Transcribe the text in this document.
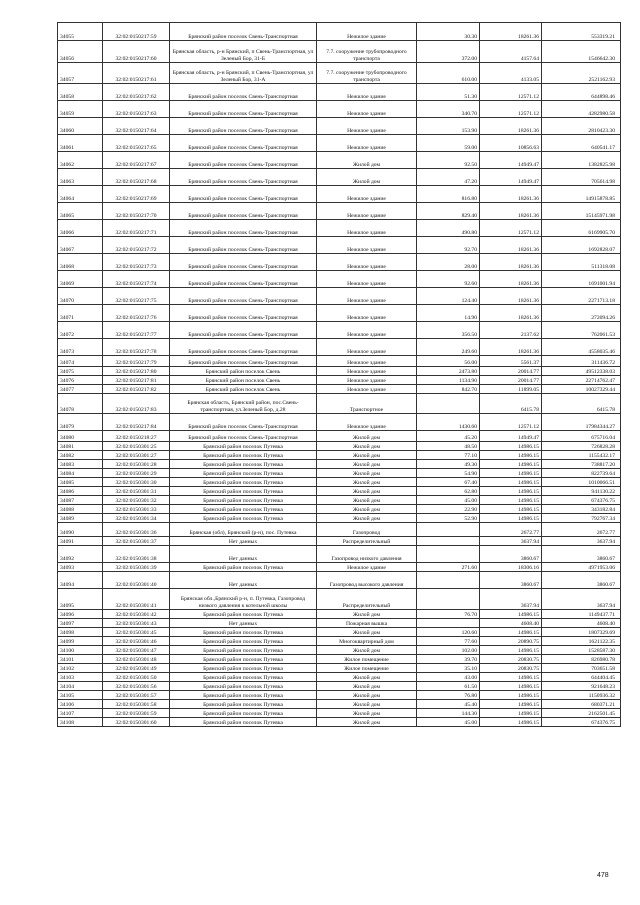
34055	32:02:0150217:59	Брянский район поселок Свень-Транспортная	Нежилое здание	30.30	18261.36	553319.21
34056	32:02:0150217:60	Брянская область, р-н Брянский, п Свень-Транспортная, ул Зеленый Бор, 31-Б	7.7. сооружение трубопроводного транспорта	372.00	4157.64	1546642.30
34057	32:02:0150217:61	Брянская область, р-н Брянский, п Свень-Транспортная, ул Зеленый Бор, 31-А	7.7. сооружение трубопроводного транспорта	610.00	4133.05	2521162.93
34058	32:02:0150217:62	Брянский район поселок Свень-Транспортная	Нежилое здание	51.30	12571.12	644898.46
34059	32:02:0150217:63	Брянский район поселок Свень-Транспортная	Нежилое здание	340.70	12571.12	4282980.58
34060	32:02:0150217:64	Брянский район поселок Свень-Транспортная	Нежилое здание	153.90	18261.36	2810423.30
34061	32:02:0150217:65	Брянский район поселок Свень-Транспортная	Нежилое здание	59.00	10856.63	640541.17
34062	32:02:0150217:67	Брянский район поселок Свень-Транспортная	Жилой дом	92.50	14949.47	1382825.98
34063	32:02:0150217:68	Брянский район поселок Свень-Транспортная	Жилой дом	47.20	14949.47	705614.98
34064	32:02:0150217:69	Брянский район поселок Свень-Транспортная	Нежилое здание	816.80	18261.36	14915878.85
34065	32:02:0150217:70	Брянский район поселок Свень-Транспортная	Нежилое здание	829.40	18261.36	15145971.98
34066	32:02:0150217:71	Брянский район поселок Свень-Транспортная	Нежилое здание	490.80	12571.12	6169905.70
34067	32:02:0150217:72	Брянский район поселок Свень-Транспортная	Нежилое здание	92.70	18261.36	1692828.07
34068	32:02:0150217:73	Брянский район поселок Свень-Транспортная	Нежилое здание	28.00	18261.36	511318.08
34069	32:02:0150217:74	Брянский район поселок Свень-Транспортная	Нежилое здание	92.60	18261.36	1691001.94
34070	32:02:0150217:75	Брянский район поселок Свень-Транспортная	Нежилое здание	124.40	18261.36	2271713.18
34071	32:02:0150217:76	Брянский район поселок Свень-Транспортная	Нежилое здание	14.90	18261.36	272094.26
34072	32:02:0150217:77	Брянский район поселок Свень-Транспортная	Нежилое здание	356.50	2137.62	762061.53
34073	32:02:0150217:78	Брянский район поселок Свень-Транспортная	Нежилое здание	249.60	18261.36	4558035.46
34074	32:02:0150217:79	Брянский район поселок Свень-Транспортная	Нежилое здание	56.00	5561.37	311436.72
34075	32:02:0150217:80	Брянский район поселок Свень	Нежилое здание	2473.80	20014.77	49512338.03
34076	32:02:0150217:81	Брянский район поселок Свень	Нежилое здание	1134.90	20014.77	22714762.47
34077	32:02:0150217:82	Брянский район поселок Свень	Нежилое здание	842.70	11899.05	10027329.44
34078	32:02:0150217:83	Брянская область, Брянский район, пос.Свень-транспортная, ул.Зеленый Бор, д.28	Транспортное		6415.78	6415.78
34079	32:02:0150217:84	Брянский район поселок Свень-Транспортная	Нежилое здание	1430.60	12571.12	17984344.27
34080	32:02:0150218:27	Брянский район поселок Свень-Транспортная	Жилой дом	45.20	14949.47	675716.04
34081	32:02:0150301:25	Брянский район поселок Путевка	Жилой дом	48.50	14986.15	726828.28
34082	32:02:0150301:27	Брянский район поселок Путевка	Жилой дом	77.10	14986.15	1155432.17
34083	32:02:0150301:28	Брянский район поселок Путевка	Жилой дом	49.30	14986.15	738817.20
34084	32:02:0150301:29	Брянский район поселок Путевка	Жилой дом	54.90	14986.15	822739.64
34085	32:02:0150301:30	Брянский район поселок Путевка	Жилой дом	67.40	14986.15	1010066.51
34086	32:02:0150301:31	Брянский район поселок Путевка	Жилой дом	62.80	14986.15	941130.22
34087	32:02:0150301:32	Брянский район поселок Путевка	Жилой дом	45.00	14986.15	674376.75
34088	32:02:0150301:33	Брянский район поселок Путевка	Жилой дом	22.90	14986.15	343182.84
34089	32:02:0150301:34	Брянский район поселок Путевка	Жилой дом	52.90	14986.15	792767.34
34090	32:02:0150301:36	Брянская (обл), Брянский (р-н), пос. Путевка	Газопровод		2672.77	2672.77
34091	32:02:0150301:37	Нет данных	Распределительный		3637.94	3637.94
34092	32:02:0150301:38	Нет данных	Газопровод низкого давления		3860.67	3860.67
34093	32:02:0150301:39	Брянский район поселок Путевка	Нежилое здание	271.60	18306.16	4971953.06
34094	32:02:0150301:40	Нет данных	Газопровод высокого давления		3860.67	3860.67
34095	32:02:0150301:41	Брянская обл.,Брянский р-н, п. Путевка, Газопровод низкого давления к котельной школы	Распределительный		3637.94	3637.94
34096	32:02:0150301:42	Брянский район поселок Путевка	Жилой дом	76.70	14986.15	1149437.71
34097	32:02:0150301:43	Нет данных	Пожарная вышка		4608.40	4608.40
34098	32:02:0150301:45	Брянский район поселок Путевка	Жилой дом	120.60	14986.15	1807329.69
34099	32:02:0150301:46	Брянский район поселок Путевка	Многоквартирный дом	77.60	20890.75	1621122.35
34100	32:02:0150301:47	Брянский район поселок Путевка	Жилой дом	102.00	14986.15	1528587.30
34101	32:02:0150301:48	Брянский район поселок Путевка	Жилое помещение	39.70	20830.75	826980.78
34102	32:02:0150301:49	Брянский район поселок Путевка	Жилое помещение	35.10	20830.75	703651.58
34103	32:02:0150301:50	Брянский район поселок Путевка	Жилой дом	43.00	14986.15	644404.45
34104	32:02:0150301:56	Брянский район поселок Путевка	Жилой дом	61.50	14986.15	921648.23
34105	32:02:0150301:57	Брянский район поселок Путевка	Жилой дом	76.80	14986.15	1150936.32
34106	32:02:0150301:58	Брянский район поселок Путевка	Жилой дом	45.40	14986.15	680371.21
34107	32:02:0150301:59	Брянский район поселок Путевка	Жилой дом	144.30	14986.15	2162501.45
34108	32:02:0150301:60	Брянский район поселок Путевка	Жилой дом	45.00	14986.15	674376.75
478
